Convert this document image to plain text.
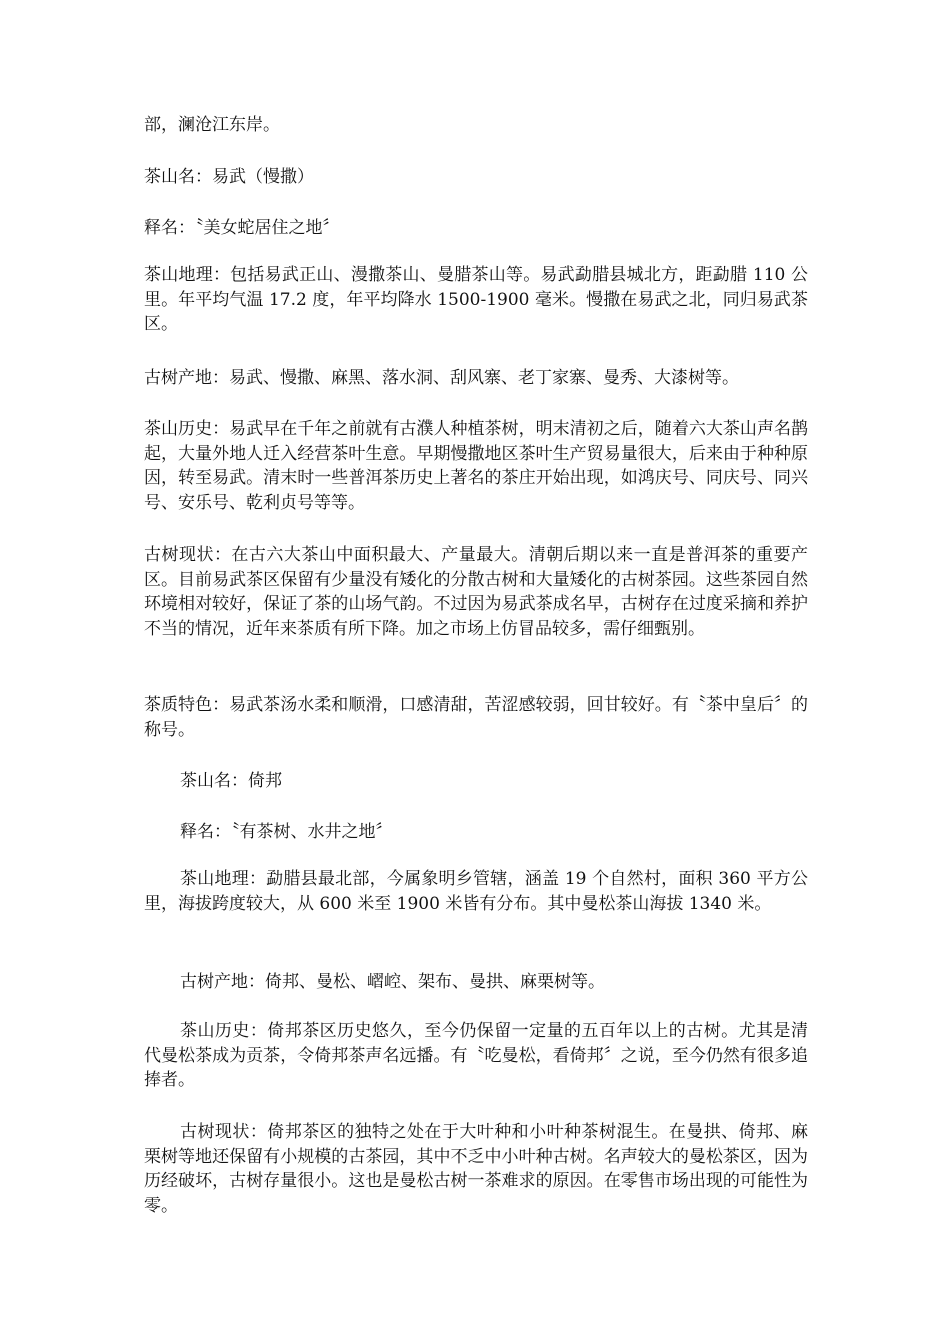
部，澜沧江东岸。

茶山名：易武（慢撒）

释名：〝美女蛇居住之地〞

茶山地理：包括易武正山、漫撒茶山、曼腊茶山等。易武勐腊县城北方，距勐腊 110 公里。年平均气温 17.2 度，年平均降水 1500-1900 毫米。慢撒在易武之北，同归易武茶区。

古树产地：易武、慢撒、麻黑、落水洞、刮风寨、老丁家寨、曼秀、大漆树等。

茶山历史：易武早在千年之前就有古濮人种植茶树，明末清初之后，随着六大茶山声名鹊起，大量外地人迁入经营茶叶生意。早期慢撒地区茶叶生产贸易量很大，后来由于种种原因，转至易武。清末时一些普洱茶历史上著名的茶庄开始出现，如鸿庆号、同庆号、同兴号、安乐号、乾利贞号等等。

古树现状：在古六大茶山中面积最大、产量最大。清朝后期以来一直是普洱茶的重要产区。目前易武茶区保留有少量没有矮化的分散古树和大量矮化的古树茶园。这些茶园自然环境相对较好，保证了茶的山场气韵。不过因为易武茶成名早，古树存在过度采摘和养护不当的情况，近年来茶质有所下降。加之市场上仿冒品较多，需仔细甄别。

茶质特色：易武茶汤水柔和顺滑，口感清甜，苦涩感较弱，回甘较好。有〝茶中皇后〞的称号。

茶山名：倚邦

释名：〝有茶树、水井之地〞

茶山地理：勐腊县最北部，今属象明乡管辖，涵盖 19 个自然村，面积 360 平方公里，海拔跨度较大，从 600 米至 1900 米皆有分布。其中曼松茶山海拔 1340 米。

古树产地：倚邦、曼松、嶍崆、架布、曼拱、麻栗树等。

茶山历史：倚邦茶区历史悠久，至今仍保留一定量的五百年以上的古树。尤其是清代曼松茶成为贡茶，令倚邦茶声名远播。有〝吃曼松，看倚邦〞之说，至今仍然有很多追捧者。

古树现状：倚邦茶区的独特之处在于大叶种和小叶种茶树混生。在曼拱、倚邦、麻栗树等地还保留有小规模的古茶园，其中不乏中小叶种古树。名声较大的曼松茶区，因为历经破坏，古树存量很小。这也是曼松古树一茶难求的原因。在零售市场出现的可能性为零。
